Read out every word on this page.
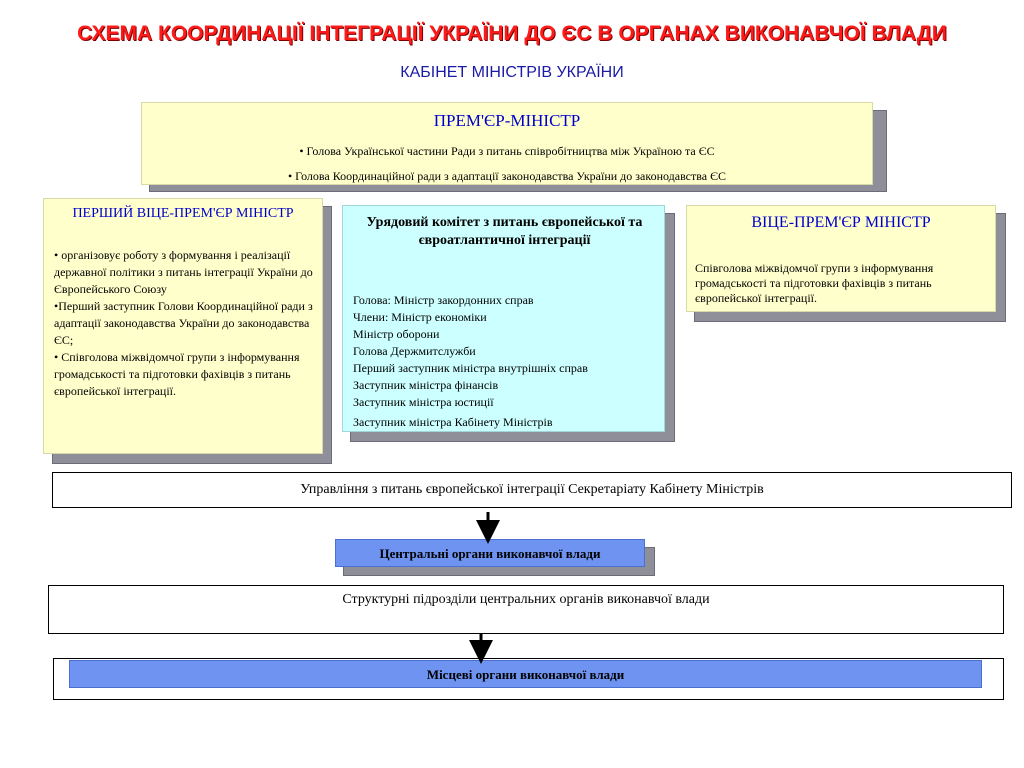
СХЕМА КООРДИНАЦІЇ ІНТЕГРАЦІЇ УКРАЇНИ ДО ЄС В ОРГАНАХ ВИКОНАВЧОЇ ВЛАДИ
КАБІНЕТ МІНІСТРІВ УКРАЇНИ
ПРЕМ'ЄР-МІНІСТР
• Голова Української частини Ради з питань співробітництва між Україною та ЄС
• Голова Координаційної ради з адаптації законодавства України до законодавства ЄС
ПЕРШИЙ ВІЦЕ-ПРЕМ'ЄР МІНІСТР

• організовує роботу з формування і реалізації державної політики з питань інтеграції України до Європейського Союзу

•Перший заступник Голови Координаційної ради з адаптації законодавства України до законодавства ЄС;

• Співголова міжвідомчої групи з інформування громадськості та підготовки фахівців з питань європейської інтеграції.

Урядовий комітет з питань європейської та євроатлантичної інтеграції
Голова: Міністр закордонних справ
Члени: Міністр економіки
Міністр оборони
Голова Держмитслужби
Перший заступник міністра внутрішніх справ
Заступник міністра фінансів
Заступник міністра юстиції
Заступник міністра Кабінету Міністрів
ВІЦЕ-ПРЕМ'ЄР МІНІСТР
Співголова міжвідомчої групи з інформування громадськості та підготовки фахівців з питань європейської інтеграції.
Управління з питань європейської інтеграції Секретаріату Кабінету Міністрів
Центральні органи виконавчої влади
Структурні підрозділи центральних органів виконавчої влади
Місцеві органи виконавчої влади
